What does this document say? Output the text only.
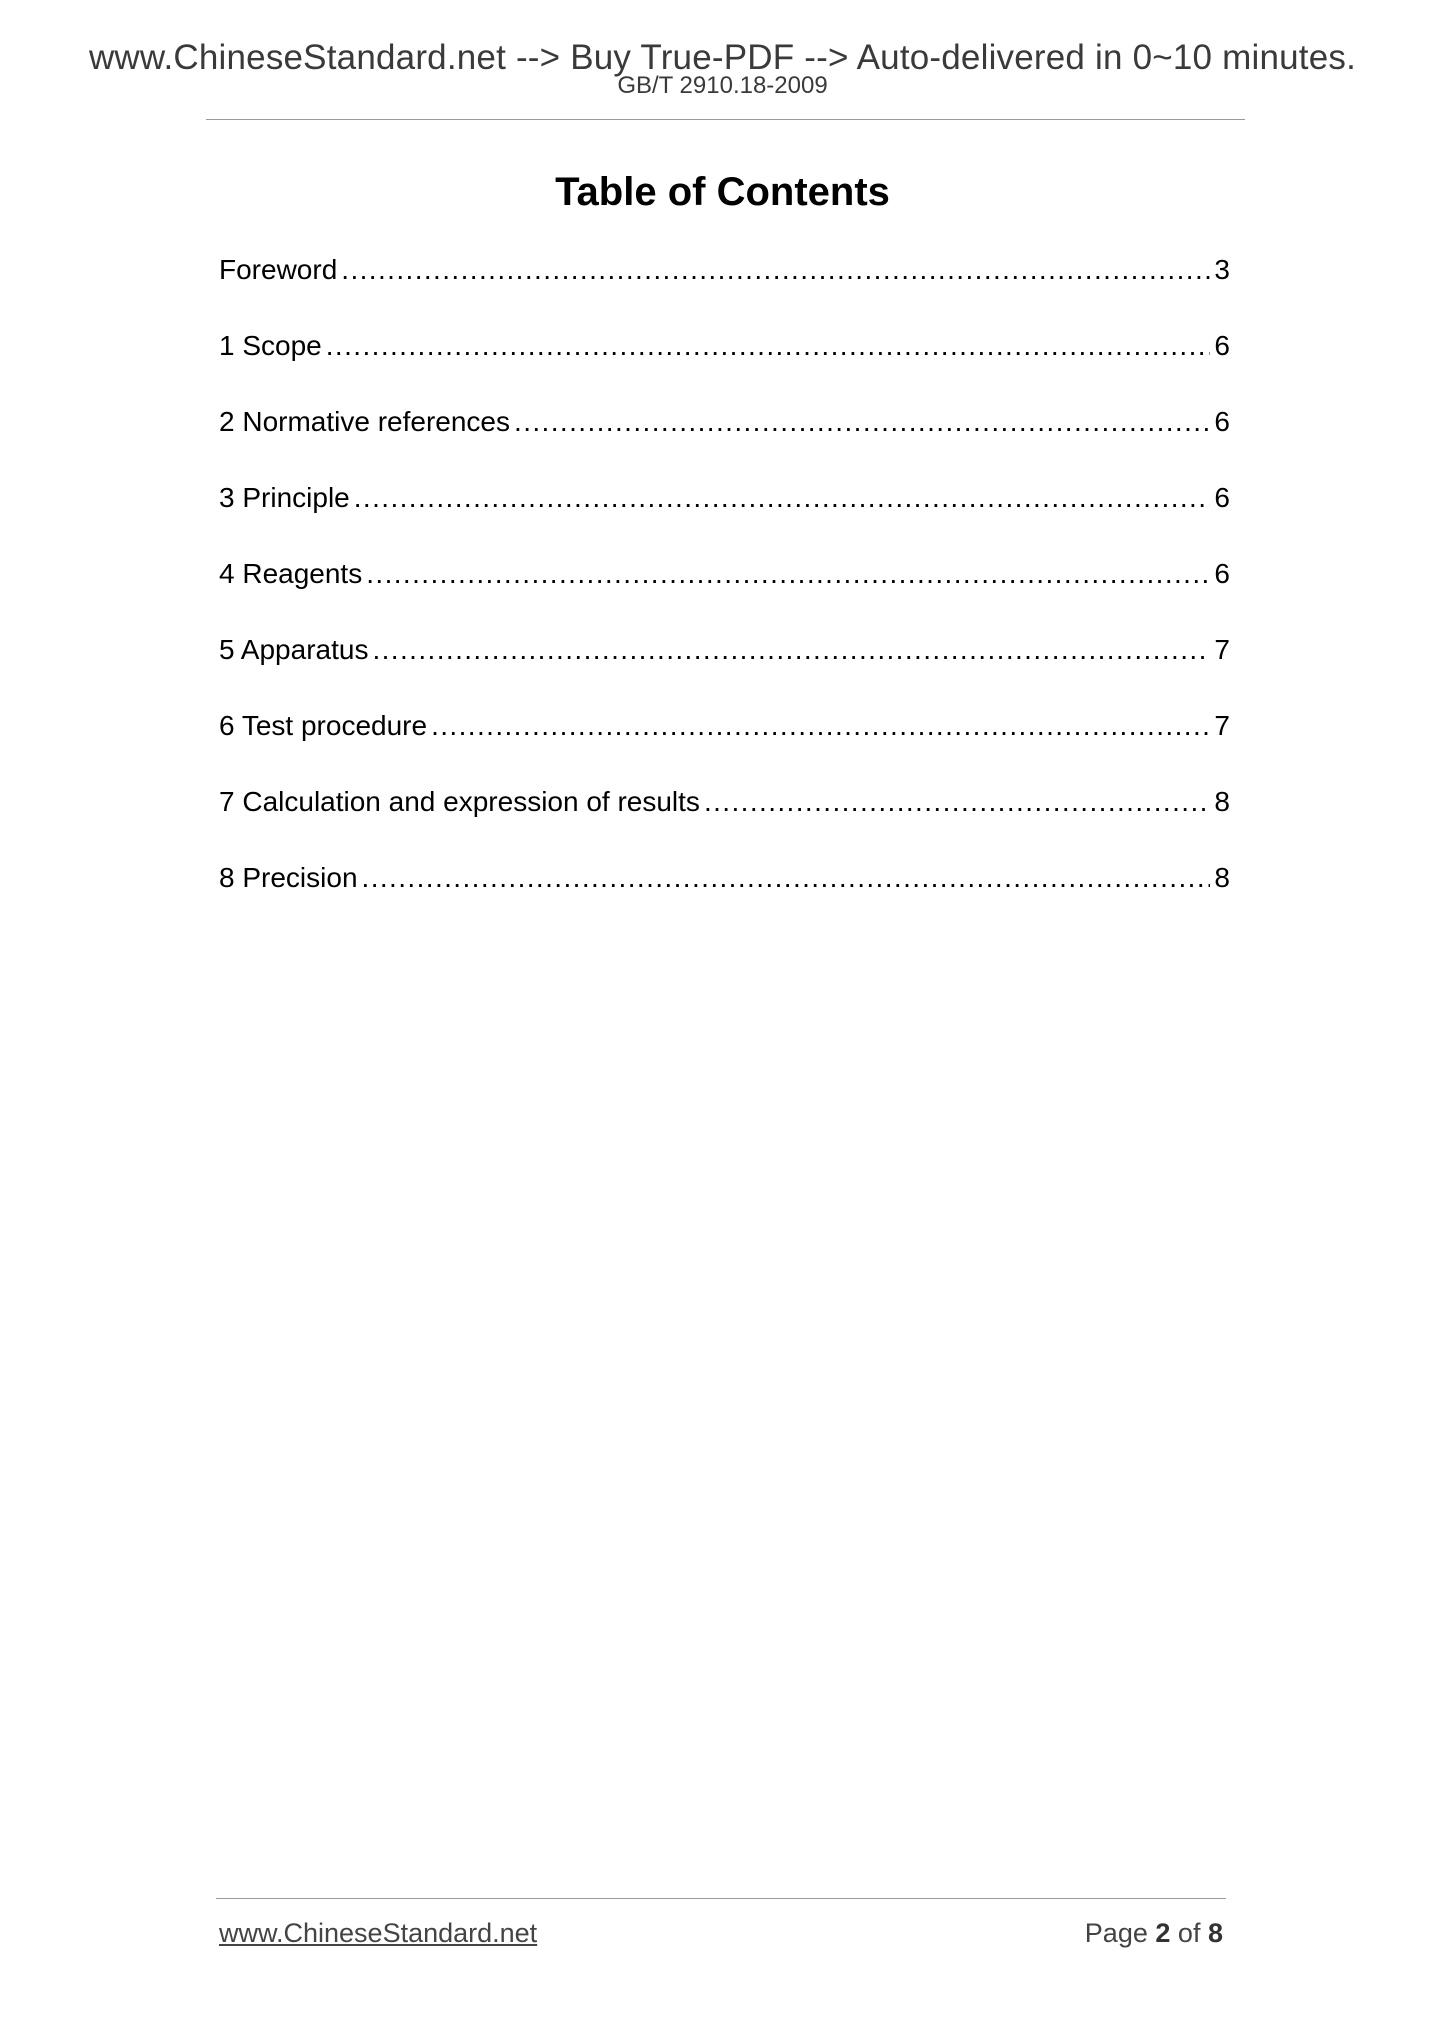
www.ChineseStandard.net --> Buy True-PDF --> Auto-delivered in 0~10 minutes.
GB/T 2910.18-2009
Table of Contents
Foreword .....	3
1 Scope .....	6
2 Normative references .....	6
3 Principle .....	6
4 Reagents .....	6
5 Apparatus .....	7
6 Test procedure .....	7
7 Calculation and expression of results .....	8
8 Precision .....	8
www.ChineseStandard.net	Page 2 of 8
